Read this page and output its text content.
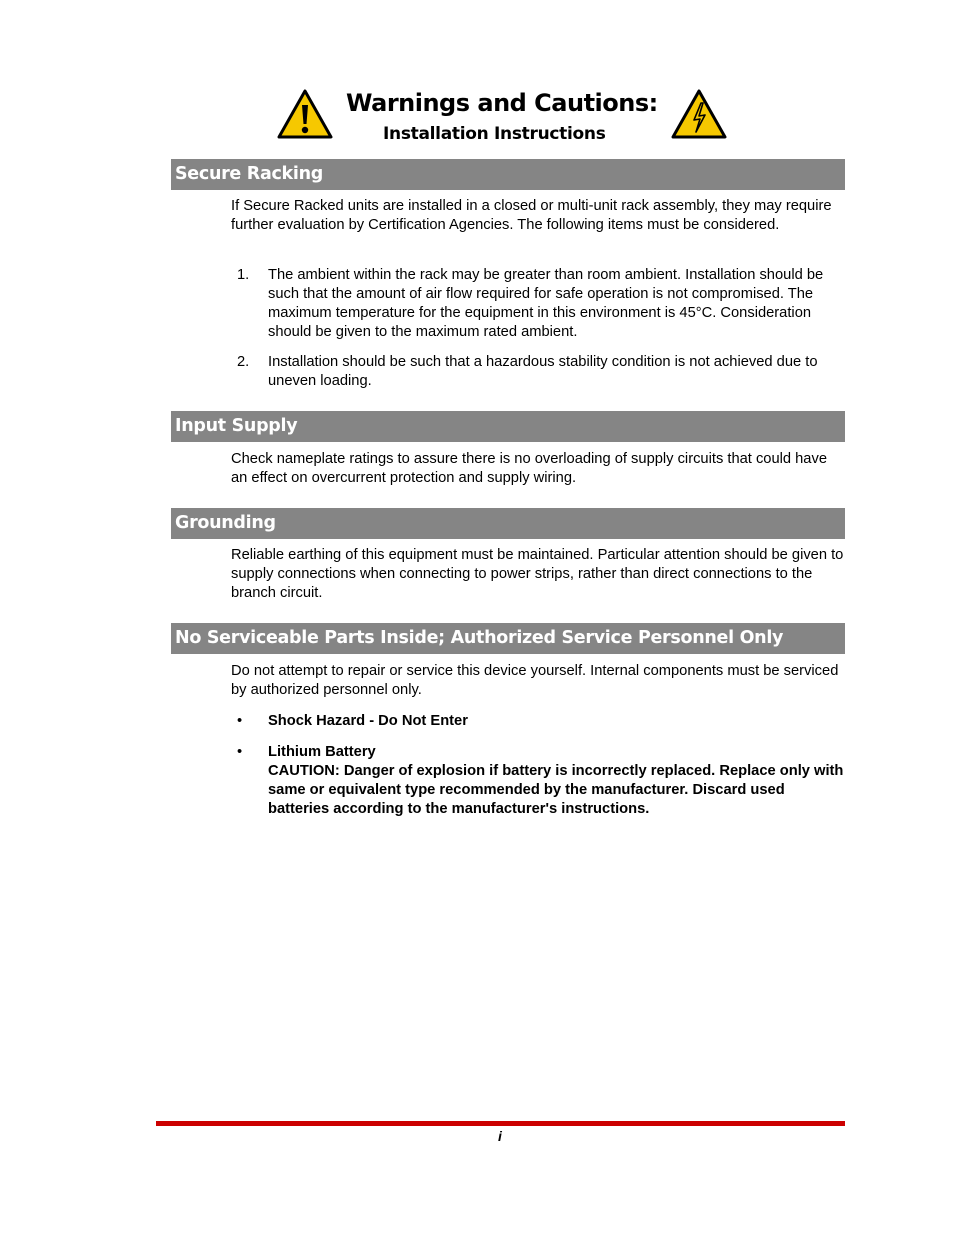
Warnings and Cautions:
Installation Instructions
Secure Racking
If Secure Racked units are installed in a closed or multi-unit rack assembly, they may require further evaluation by Certification Agencies. The following items must be considered.
1. The ambient within the rack may be greater than room ambient. Installation should be such that the amount of air flow required for safe operation is not compromised. The maximum temperature for the equipment in this environment is 45°C. Consideration should be given to the maximum rated ambient.
2. Installation should be such that a hazardous stability condition is not achieved due to uneven loading.
Input Supply
Check nameplate ratings to assure there is no overloading of supply circuits that could have an effect on overcurrent protection and supply wiring.
Grounding
Reliable earthing of this equipment must be maintained. Particular attention should be given to supply connections when connecting to power strips, rather than direct connections to the branch circuit.
No Serviceable Parts Inside; Authorized Service Personnel Only
Do not attempt to repair or service this device yourself. Internal components must be serviced by authorized personnel only.
• Shock Hazard - Do Not Enter
• Lithium Battery
CAUTION: Danger of explosion if battery is incorrectly replaced. Replace only with same or equivalent type recommended by the manufacturer. Discard used batteries according to the manufacturer's instructions.
i
